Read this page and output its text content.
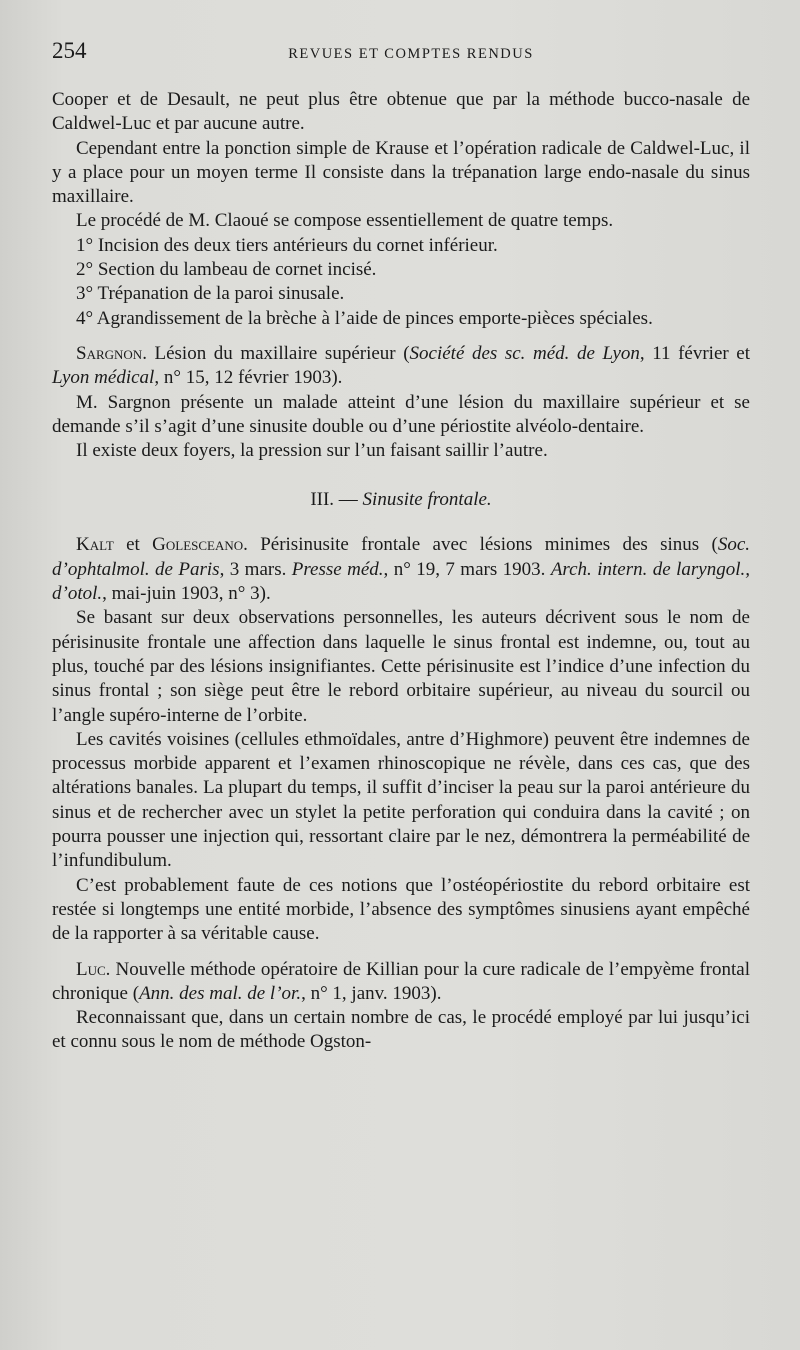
254	REVUES ET COMPTES RENDUS

Cooper et de Desault, ne peut plus être obtenue que par la méthode bucco-nasale de Caldwel-Luc et par aucune autre.

Cependant entre la ponction simple de Krause et l’opération radicale de Caldwel-Luc, il y a place pour un moyen terme Il consiste dans la trépanation large endo-nasale du sinus maxillaire.

Le procédé de M. Claoué se compose essentiellement de quatre temps.

1° Incision des deux tiers antérieurs du cornet inférieur.

2° Section du lambeau de cornet incisé.

3° Trépanation de la paroi sinusale.

4° Agrandissement de la brèche à l’aide de pinces emporte-pièces spéciales.

Sargnon. Lésion du maxillaire supérieur (Société des sc. méd. de Lyon, 11 février et Lyon médical, n° 15, 12 février 1903).

M. Sargnon présente un malade atteint d’une lésion du maxillaire supérieur et se demande s’il s’agit d’une sinusite double ou d’une périostite alvéolo-dentaire.

Il existe deux foyers, la pression sur l’un faisant saillir l’autre.

III. — Sinusite frontale.

Kalt et Golesceano. Périsinusite frontale avec lésions minimes des sinus (Soc. d’ophtalmol. de Paris, 3 mars. Presse méd., n° 19, 7 mars 1903. Arch. intern. de laryngol., d’otol., mai-juin 1903, n° 3).

Se basant sur deux observations personnelles, les auteurs décrivent sous le nom de périsinusite frontale une affection dans laquelle le sinus frontal est indemne, ou, tout au plus, touché par des lésions insignifiantes. Cette périsinusite est l’indice d’une infection du sinus frontal ; son siège peut être le rebord orbitaire supérieur, au niveau du sourcil ou l’angle supéro-interne de l’orbite.

Les cavités voisines (cellules ethmoïdales, antre d’Highmore) peuvent être indemnes de processus morbide apparent et l’examen rhinoscopique ne révèle, dans ces cas, que des altérations banales. La plupart du temps, il suffit d’inciser la peau sur la paroi antérieure du sinus et de rechercher avec un stylet la petite perforation qui conduira dans la cavité ; on pourra pousser une injection qui, ressortant claire par le nez, démontrera la perméabilité de l’infundibulum.

C’est probablement faute de ces notions que l’ostéopériostite du rebord orbitaire est restée si longtemps une entité morbide, l’absence des symptômes sinusiens ayant empêché de la rapporter à sa véritable cause.

Luc. Nouvelle méthode opératoire de Killian pour la cure radicale de l’empyème frontal chronique (Ann. des mal. de l’or., n° 1, janv. 1903).

Reconnaissant que, dans un certain nombre de cas, le procédé employé par lui jusqu’ici et connu sous le nom de méthode Ogston-
